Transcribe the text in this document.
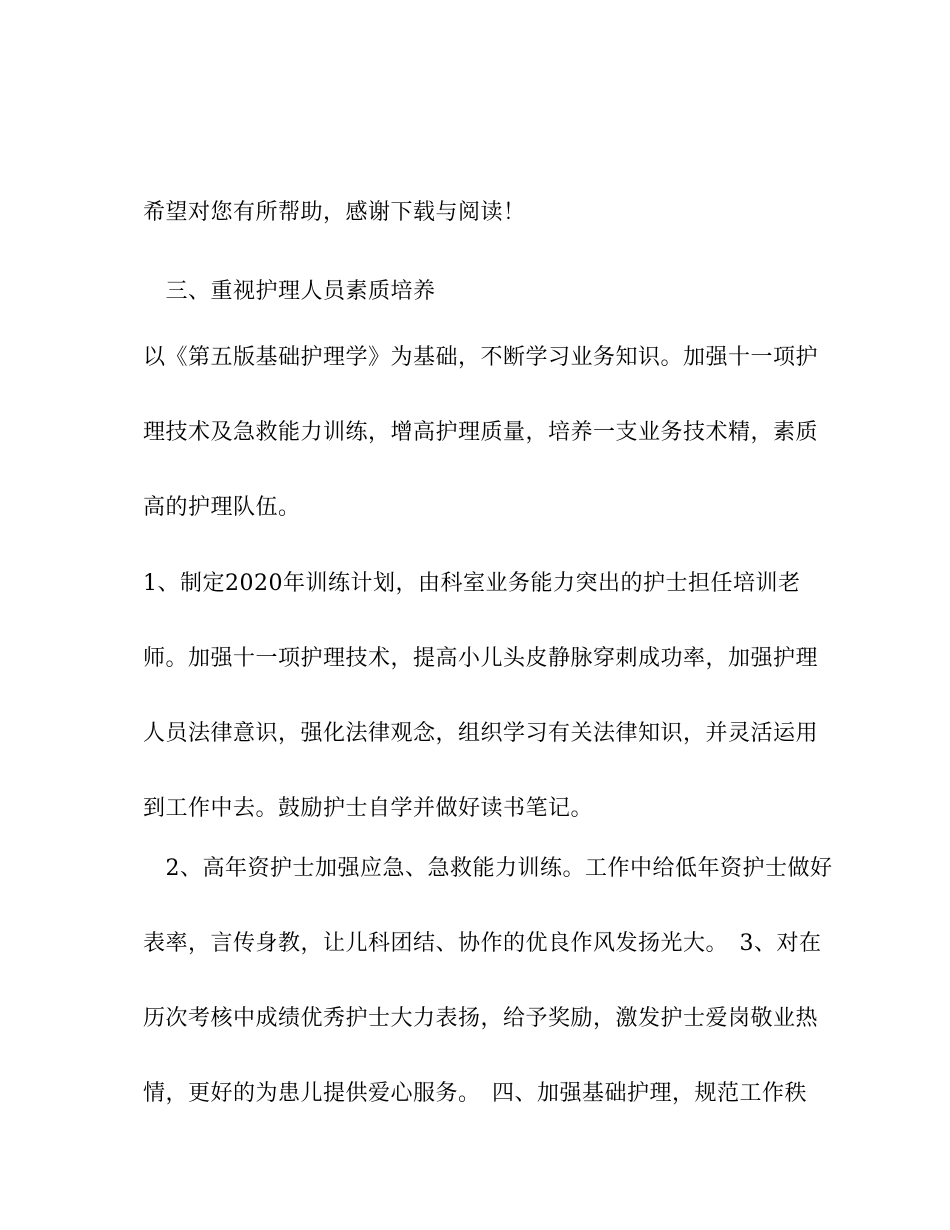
希望对您有所帮助，感谢下载与阅读！
　三、重视护理人员素质培养
以《第五版基础护理学》为基础，不断学习业务知识。加强十一项护
理技术及急救能力训练，增高护理质量，培养一支业务技术精，素质
高的护理队伍。
1、制定2020年训练计划，由科室业务能力突出的护士担任培训老
师。加强十一项护理技术，提高小儿头皮静脉穿刺成功率，加强护理
人员法律意识，强化法律观念，组织学习有关法律知识，并灵活运用
到工作中去。鼓励护士自学并做好读书笔记。
　2、高年资护士加强应急、急救能力训练。工作中给低年资护士做好
表率，言传身教，让儿科团结、协作的优良作风发扬光大。　3、对在
历次考核中成绩优秀护士大力表扬，给予奖励，激发护士爱岗敬业热
情，更好的为患儿提供爱心服务。　四、加强基础护理，规范工作秩
